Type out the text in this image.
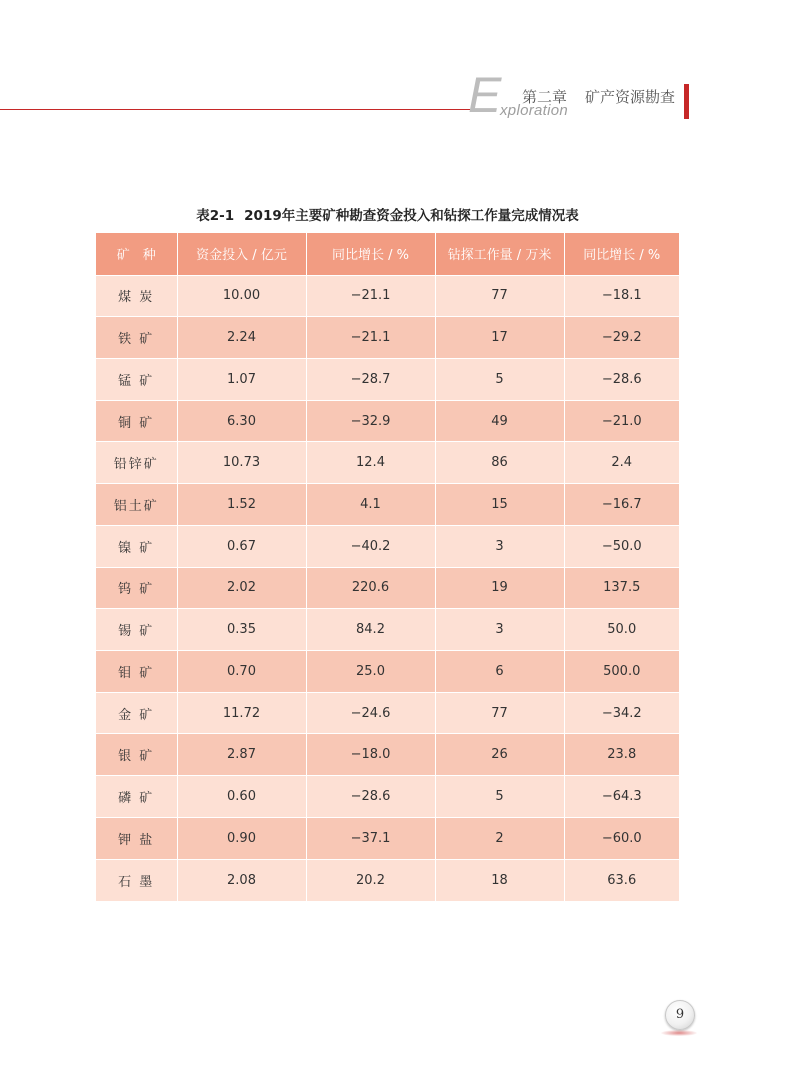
E
xploration
第二章 矿产资源勘查
表2-1 2019年主要矿种勘查资金投入和钻探工作量完成情况表
矿　种	资金投入 / 亿元	同比增长 / %	钻探工作量 / 万米	同比增长 / %
煤 炭	10.00	−21.1	77	−18.1
铁 矿	2.24	−21.1	17	−29.2
锰 矿	1.07	−28.7	5	−28.6
铜 矿	6.30	−32.9	49	−21.0
铅锌矿	10.73	12.4	86	2.4
铝土矿	1.52	4.1	15	−16.7
镍 矿	0.67	−40.2	3	−50.0
钨 矿	2.02	220.6	19	137.5
锡 矿	0.35	84.2	3	50.0
钼 矿	0.70	25.0	6	500.0
金 矿	11.72	−24.6	77	−34.2
银 矿	2.87	−18.0	26	23.8
磷 矿	0.60	−28.6	5	−64.3
钾 盐	0.90	−37.1	2	−60.0
石 墨	2.08	20.2	18	63.6
9
